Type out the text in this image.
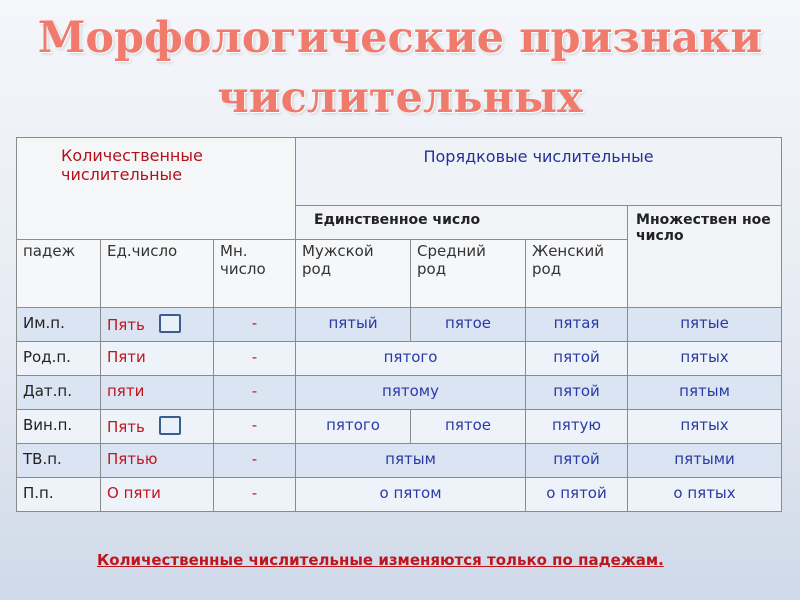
Морфологические признаки числительных
Количественные числительные			Порядковые числительные			
			Единственное число			Множествен ное число
падеж	Ед.число	Мн. число	Мужской род	Средний род	Женский род	
Им.п.	Пять	-	пятый	пятое	пятая	пятые
Род.п.	Пяти	-	пятого		пятой	пятых
Дат.п.	пяти	-	пятому		пятой	пятым
Вин.п.	Пять	-	пятого	пятое	пятую	пятых
ТВ.п.	Пятью	-	пятым		пятой	пятыми
П.п.	О пяти	-	о пятом		о пятой	о пятых
Количественные числительные изменяются только по падежам.
